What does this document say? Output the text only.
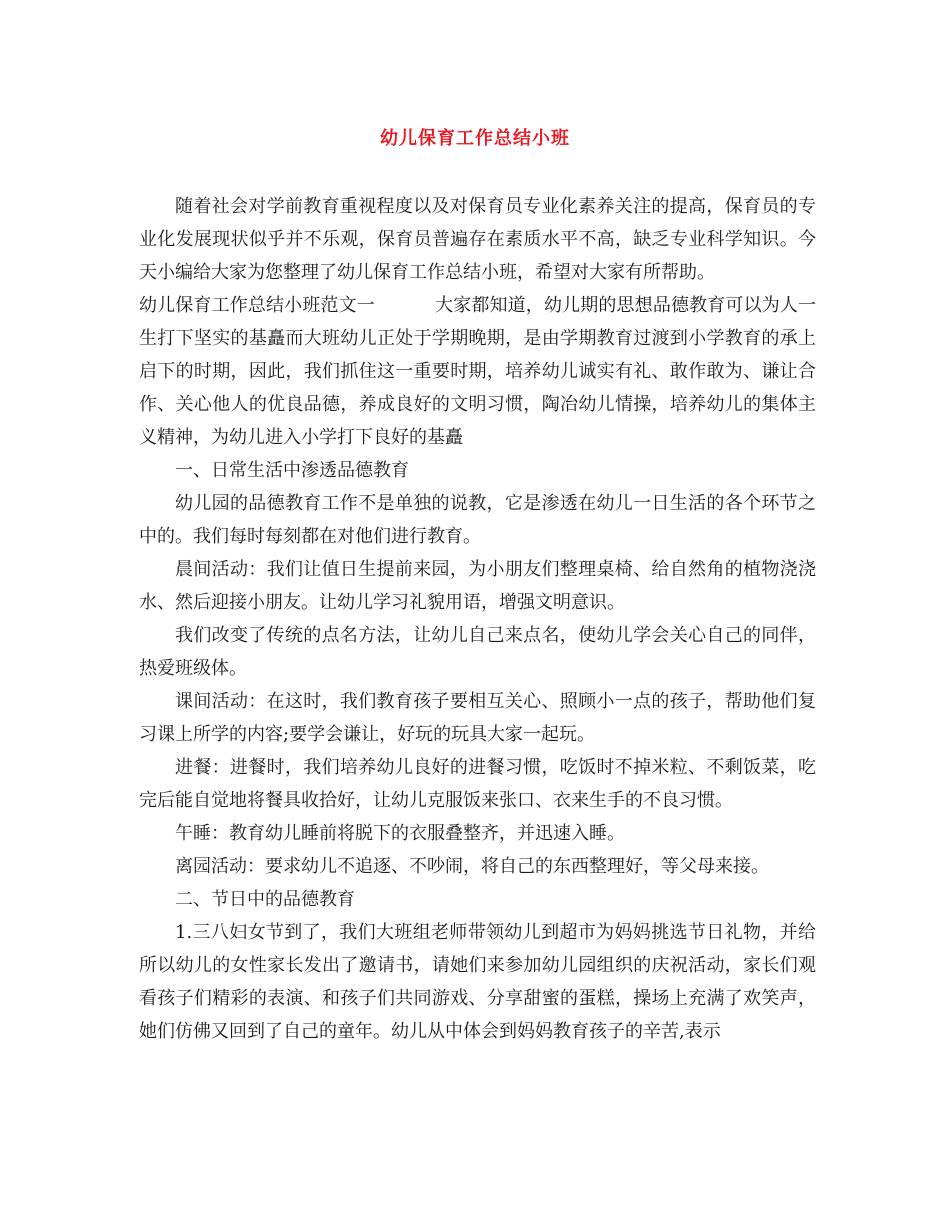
幼儿保育工作总结小班

随着社会对学前教育重视程度以及对保育员专业化素养关注的提高，保育员的专业化发展现状似乎并不乐观，保育员普遍存在素质水平不高，缺乏专业科学知识。今天小编给大家为您整理了幼儿保育工作总结小班，希望对大家有所帮助。

幼儿保育工作总结小班范文一	大家都知道，幼儿期的思想品德教育可以为人一生打下坚实的基矗而大班幼儿正处于学期晚期，是由学期教育过渡到小学教育的承上启下的时期，因此，我们抓住这一重要时期，培养幼儿诚实有礼、敢作敢为、谦让合作、关心他人的优良品德，养成良好的文明习惯，陶冶幼儿情操，培养幼儿的集体主义精神，为幼儿进入小学打下良好的基矗

一、日常生活中渗透品德教育

幼儿园的品德教育工作不是单独的说教，它是渗透在幼儿一日生活的各个环节之中的。我们每时每刻都在对他们进行教育。

晨间活动：我们让值日生提前来园，为小朋友们整理桌椅、给自然角的植物浇浇水、然后迎接小朋友。让幼儿学习礼貌用语，增强文明意识。

我们改变了传统的点名方法，让幼儿自己来点名，使幼儿学会关心自己的同伴，热爱班级体。

课间活动：在这时，我们教育孩子要相互关心、照顾小一点的孩子，帮助他们复习课上所学的内容;要学会谦让，好玩的玩具大家一起玩。

进餐：进餐时，我们培养幼儿良好的进餐习惯，吃饭时不掉米粒、不剩饭菜，吃完后能自觉地将餐具收拾好，让幼儿克服饭来张口、衣来生手的不良习惯。

午睡：教育幼儿睡前将脱下的衣服叠整齐，并迅速入睡。

离园活动：要求幼儿不追逐、不吵闹，将自己的东西整理好，等父母来接。

二、节日中的品德教育

1.三八妇女节到了，我们大班组老师带领幼儿到超市为妈妈挑选节日礼物，并给所以幼儿的女性家长发出了邀请书，请她们来参加幼儿园组织的庆祝活动，家长们观看孩子们精彩的表演、和孩子们共同游戏、分享甜蜜的蛋糕，操场上充满了欢笑声，她们仿佛又回到了自己的童年。幼儿从中体会到妈妈教育孩子的辛苦,表示
